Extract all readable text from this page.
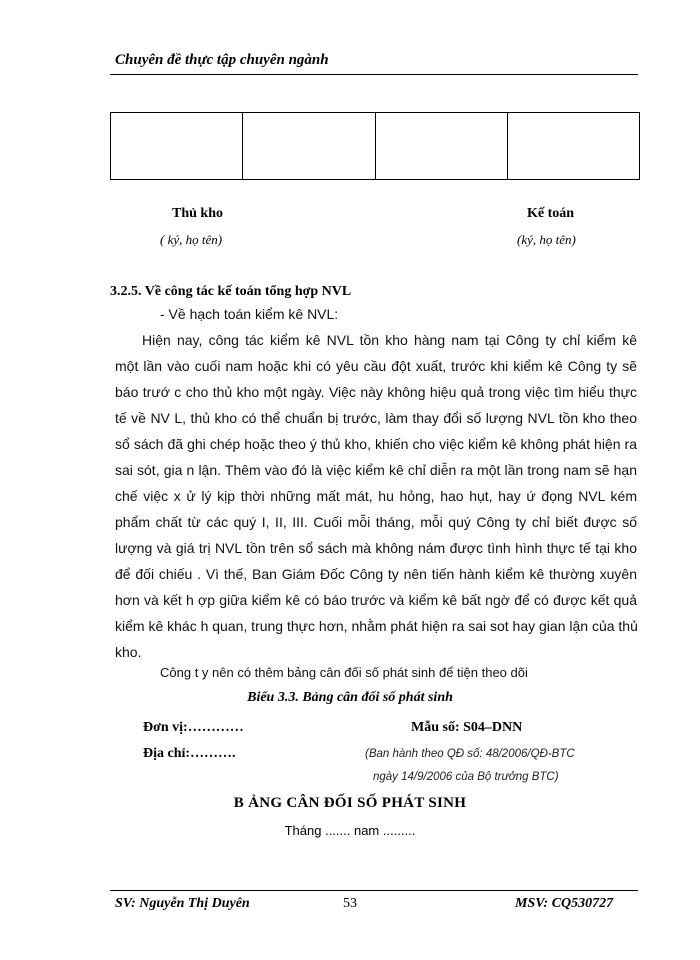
Chuyên đề thực tập chuyên ngành

Thủ kho
( ký, họ tên)
Kế toán
(ký, họ tên)
3.2.5. Về công tác kế toán tổng hợp NVL
- Về hạch toán kiểm kê NVL:
Hiện nay, công tác kiểm kê NVL tồn kho hàng nam tại Công ty chỉ kiểm kê
một lần vào cuối nam hoặc khi có yêu cầu đột xuất, trước khi kiểm kê Công ty sẽ
báo trướ c cho thủ kho một ngày. Việc này không hiệu quả trong việc tìm hiểu thực
tế về NV L, thủ kho có thể chuẩn bị trước, làm thay đổi số lượng NVL tồn kho theo
sổ sách đã ghi chép hoặc theo ý thủ kho, khiến cho việc kiểm kê không phát hiện ra
sai sót, gia n lận. Thêm vào đó là việc kiểm kê chỉ diễn ra một lần trong nam sẽ hạn
chế việc x ử lý kịp thời những mất mát, hu hỏng, hao hụt, hay ứ đọng NVL kém
phẩm chất từ các quý I, II, III. Cuối mỗi tháng, mỗi quý Công ty chỉ biết được số
lượng và giá trị NVL tồn trên sổ sách mà không nám được tình hình thực tế tại kho
để đối chiếu . Vì thế, Ban Giám Đốc Công ty nên tiến hành kiểm kê thường xuyên
hơn và kết h ợp giữa kiểm kê có báo trước và kiểm kê bất ngờ để có được kết quả
kiểm kê khác h quan, trung thực hơn, nhằm phát hiện ra sai sot hay gian lận của thủ
kho.
Công t y nên có thêm bảng cân đối số phát sinh để tiện theo dõi
Biểu 3.3. Bảng cân đối số phát sinh
Đơn vị:…………
Địa chỉ:……….
Mẫu số: S04–DNN
(Ban hành theo QĐ số: 48/2006/QĐ-BTC
ngày 14/9/2006 của Bộ trưởng BTC)
B ẢNG CÂN ĐỐI SỐ PHÁT SINH
Tháng ....... nam .........
SV: Nguyễn Thị Duyên	53	MSV: CQ530727
